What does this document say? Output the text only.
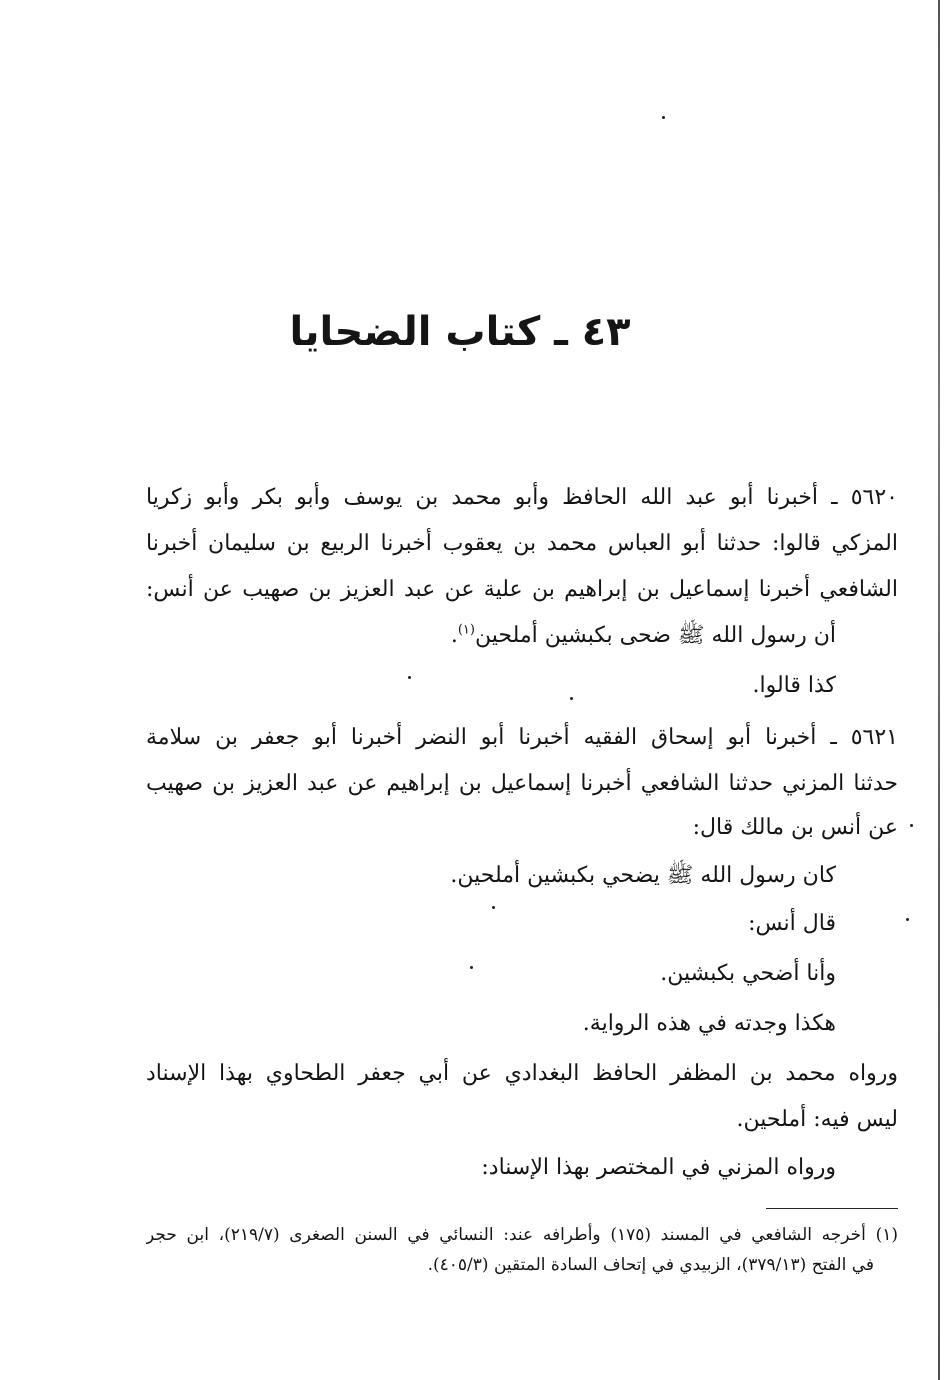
٤٣ ـ كتاب الضحايا
٥٦٢٠ ـ أخبرنا أبو عبد الله الحافظ وأبو محمد بن يوسف وأبو بكر وأبو زكريا
المزكي قالوا: حدثنا أبو العباس محمد بن يعقوب أخبرنا الربيع بن سليمان أخبرنا
الشافعي أخبرنا إسماعيل بن إبراهيم بن علية عن عبد العزيز بن صهيب عن أنس:
أن رسول الله ﷺ ضحى بكبشين أملحين$^{(١)}$.
كذا قالوا.
٥٦٢١ ـ أخبرنا أبو إسحاق الفقيه أخبرنا أبو النضر أخبرنا أبو جعفر بن سلامة
حدثنا المزني حدثنا الشافعي أخبرنا إسماعيل بن إبراهيم عن عبد العزيز بن صهيب
عن أنس بن مالك قال:
كان رسول الله ﷺ يضحي بكبشين أملحين.
قال أنس:
وأنا أضحي بكبشين.
هكذا وجدته في هذه الرواية.
ورواه محمد بن المظفر الحافظ البغدادي عن أبي جعفر الطحاوي بهذا الإسناد
ليس فيه: أملحين.
ورواه المزني في المختصر بهذا الإسناد:
(١) أخرجه الشافعي في المسند (١٧٥) وأطرافه عند: النسائي في السنن الصغرى (٢١٩/٧)، ابن حجر
في الفتح (٣٧٩/١٣)، الزبيدي في إتحاف السادة المتقين (٤٠٥/٣).
